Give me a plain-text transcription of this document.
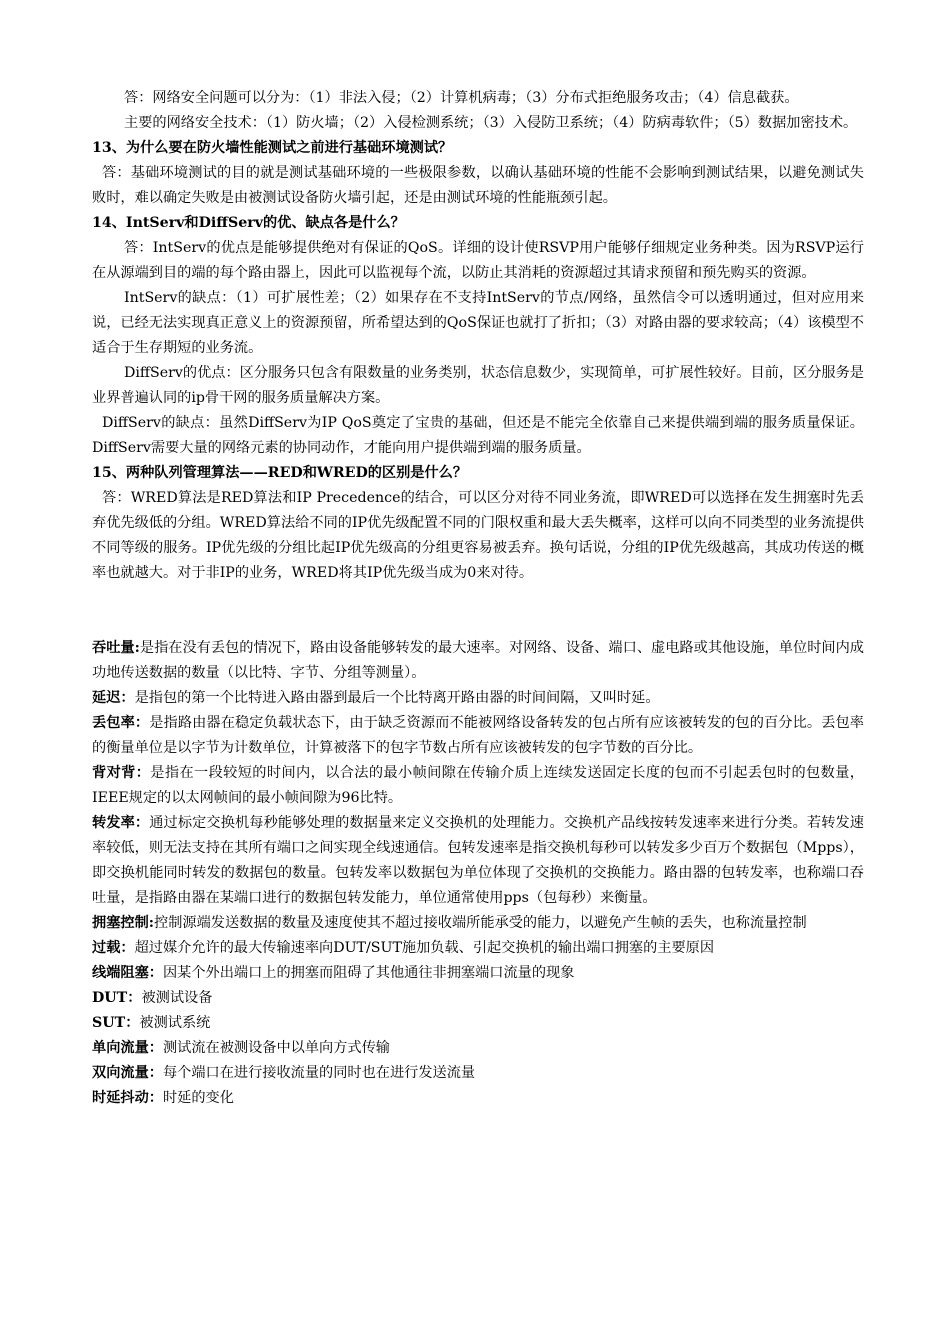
答：网络安全问题可以分为：（1）非法入侵；（2）计算机病毒；（3）分布式拒绝服务攻击；（4）信息截获。

主要的网络安全技术：（1）防火墙；（2）入侵检测系统；（3）入侵防卫系统；（4）防病毒软件；（5）数据加密技术。

13、为什么要在防火墙性能测试之前进行基础环境测试？

答：基础环境测试的目的就是测试基础环境的一些极限参数，以确认基础环境的性能不会影响到测试结果，以避免测试失败时，难以确定失败是由被测试设备防火墙引起，还是由测试环境的性能瓶颈引起。

14、IntServ和DiffServ的优、缺点各是什么？

答：IntServ的优点是能够提供绝对有保证的QoS。详细的设计使RSVP用户能够仔细规定业务种类。因为RSVP运行在从源端到目的端的每个路由器上，因此可以监视每个流，以防止其消耗的资源超过其请求预留和预先购买的资源。

IntServ的缺点：（1）可扩展性差；（2）如果存在不支持IntServ的节点/网络，虽然信令可以透明通过，但对应用来说，已经无法实现真正意义上的资源预留，所希望达到的QoS保证也就打了折扣；（3）对路由器的要求较高；（4）该模型不适合于生存期短的业务流。

DiffServ的优点：区分服务只包含有限数量的业务类别，状态信息数少，实现简单，可扩展性较好。目前，区分服务是业界普遍认同的ip骨干网的服务质量解决方案。

DiffServ的缺点：虽然DiffServ为IP QoS奠定了宝贵的基础，但还是不能完全依靠自己来提供端到端的服务质量保证。DiffServ需要大量的网络元素的协同动作，才能向用户提供端到端的服务质量。

15、两种队列管理算法——RED和WRED的区别是什么？

答：WRED算法是RED算法和IP Precedence的结合，可以区分对待不同业务流，即WRED可以选择在发生拥塞时先丢弃优先级低的分组。WRED算法给不同的IP优先级配置不同的门限权重和最大丢失概率，这样可以向不同类型的业务流提供不同等级的服务。IP优先级的分组比起IP优先级高的分组更容易被丢弃。换句话说，分组的IP优先级越高，其成功传送的概率也就越大。对于非IP的业务，WRED将其IP优先级当成为0来对待。

吞吐量:是指在没有丢包的情况下，路由设备能够转发的最大速率。对网络、设备、端口、虚电路或其他设施，单位时间内成功地传送数据的数量（以比特、字节、分组等测量）。

延迟：是指包的第一个比特进入路由器到最后一个比特离开路由器的时间间隔，又叫时延。

丢包率：是指路由器在稳定负载状态下，由于缺乏资源而不能被网络设备转发的包占所有应该被转发的包的百分比。丢包率的衡量单位是以字节为计数单位，计算被落下的包字节数占所有应该被转发的包字节数的百分比。

背对背：是指在一段较短的时间内，以合法的最小帧间隙在传输介质上连续发送固定长度的包而不引起丢包时的包数量，IEEE规定的以太网帧间的最小帧间隙为96比特。

转发率：通过标定交换机每秒能够处理的数据量来定义交换机的处理能力。交换机产品线按转发速率来进行分类。若转发速率较低，则无法支持在其所有端口之间实现全线速通信。包转发速率是指交换机每秒可以转发多少百万个数据包（Mpps），即交换机能同时转发的数据包的数量。包转发率以数据包为单位体现了交换机的交换能力。路由器的包转发率，也称端口吞吐量，是指路由器在某端口进行的数据包转发能力，单位通常使用pps（包每秒）来衡量。

拥塞控制:控制源端发送数据的数量及速度使其不超过接收端所能承受的能力，以避免产生帧的丢失，也称流量控制

过载：超过媒介允许的最大传输速率向DUT/SUT施加负载、引起交换机的输出端口拥塞的主要原因

线端阻塞：因某个外出端口上的拥塞而阻碍了其他通往非拥塞端口流量的现象

DUT：被测试设备

SUT：被测试系统

单向流量：测试流在被测设备中以单向方式传输

双向流量：每个端口在进行接收流量的同时也在进行发送流量

时延抖动：时延的变化
